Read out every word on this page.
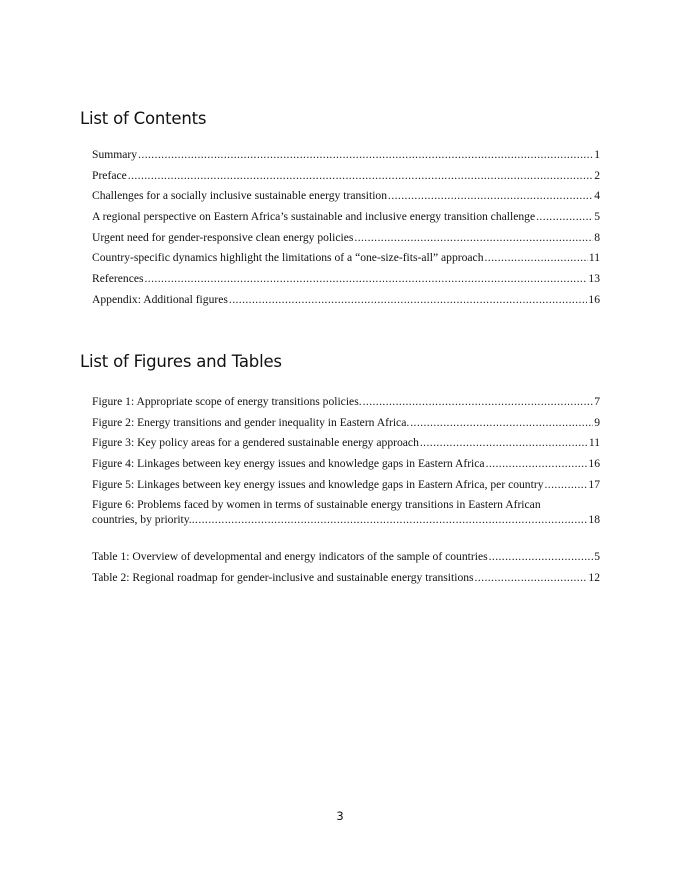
List of Contents
Summary .....	1
Preface .....	2
Challenges for a socially inclusive sustainable energy transition .....	4
A regional perspective on Eastern Africa’s sustainable and inclusive energy transition challenge .....	5
Urgent need for gender-responsive clean energy policies .....	8
Country-specific dynamics highlight the limitations of a “one-size-fits-all” approach .....	11
References .....	13
Appendix: Additional figures .....	16
List of Figures and Tables
Figure 1: Appropriate scope of energy transitions policies. .....	7
Figure 2: Energy transitions and gender inequality in Eastern Africa. .....	9
Figure 3: Key policy areas for a gendered sustainable energy approach .....	11
Figure 4: Linkages between key energy issues and knowledge gaps in Eastern Africa .....	16
Figure 5: Linkages between key energy issues and knowledge gaps in Eastern Africa, per country .....	17
Figure 6: Problems faced by women in terms of sustainable energy transitions in Eastern African
countries, by priority. .....	18
Table 1: Overview of developmental and energy indicators of the sample of countries .....	5
Table 2: Regional roadmap for gender-inclusive and sustainable energy transitions .....	12
3
